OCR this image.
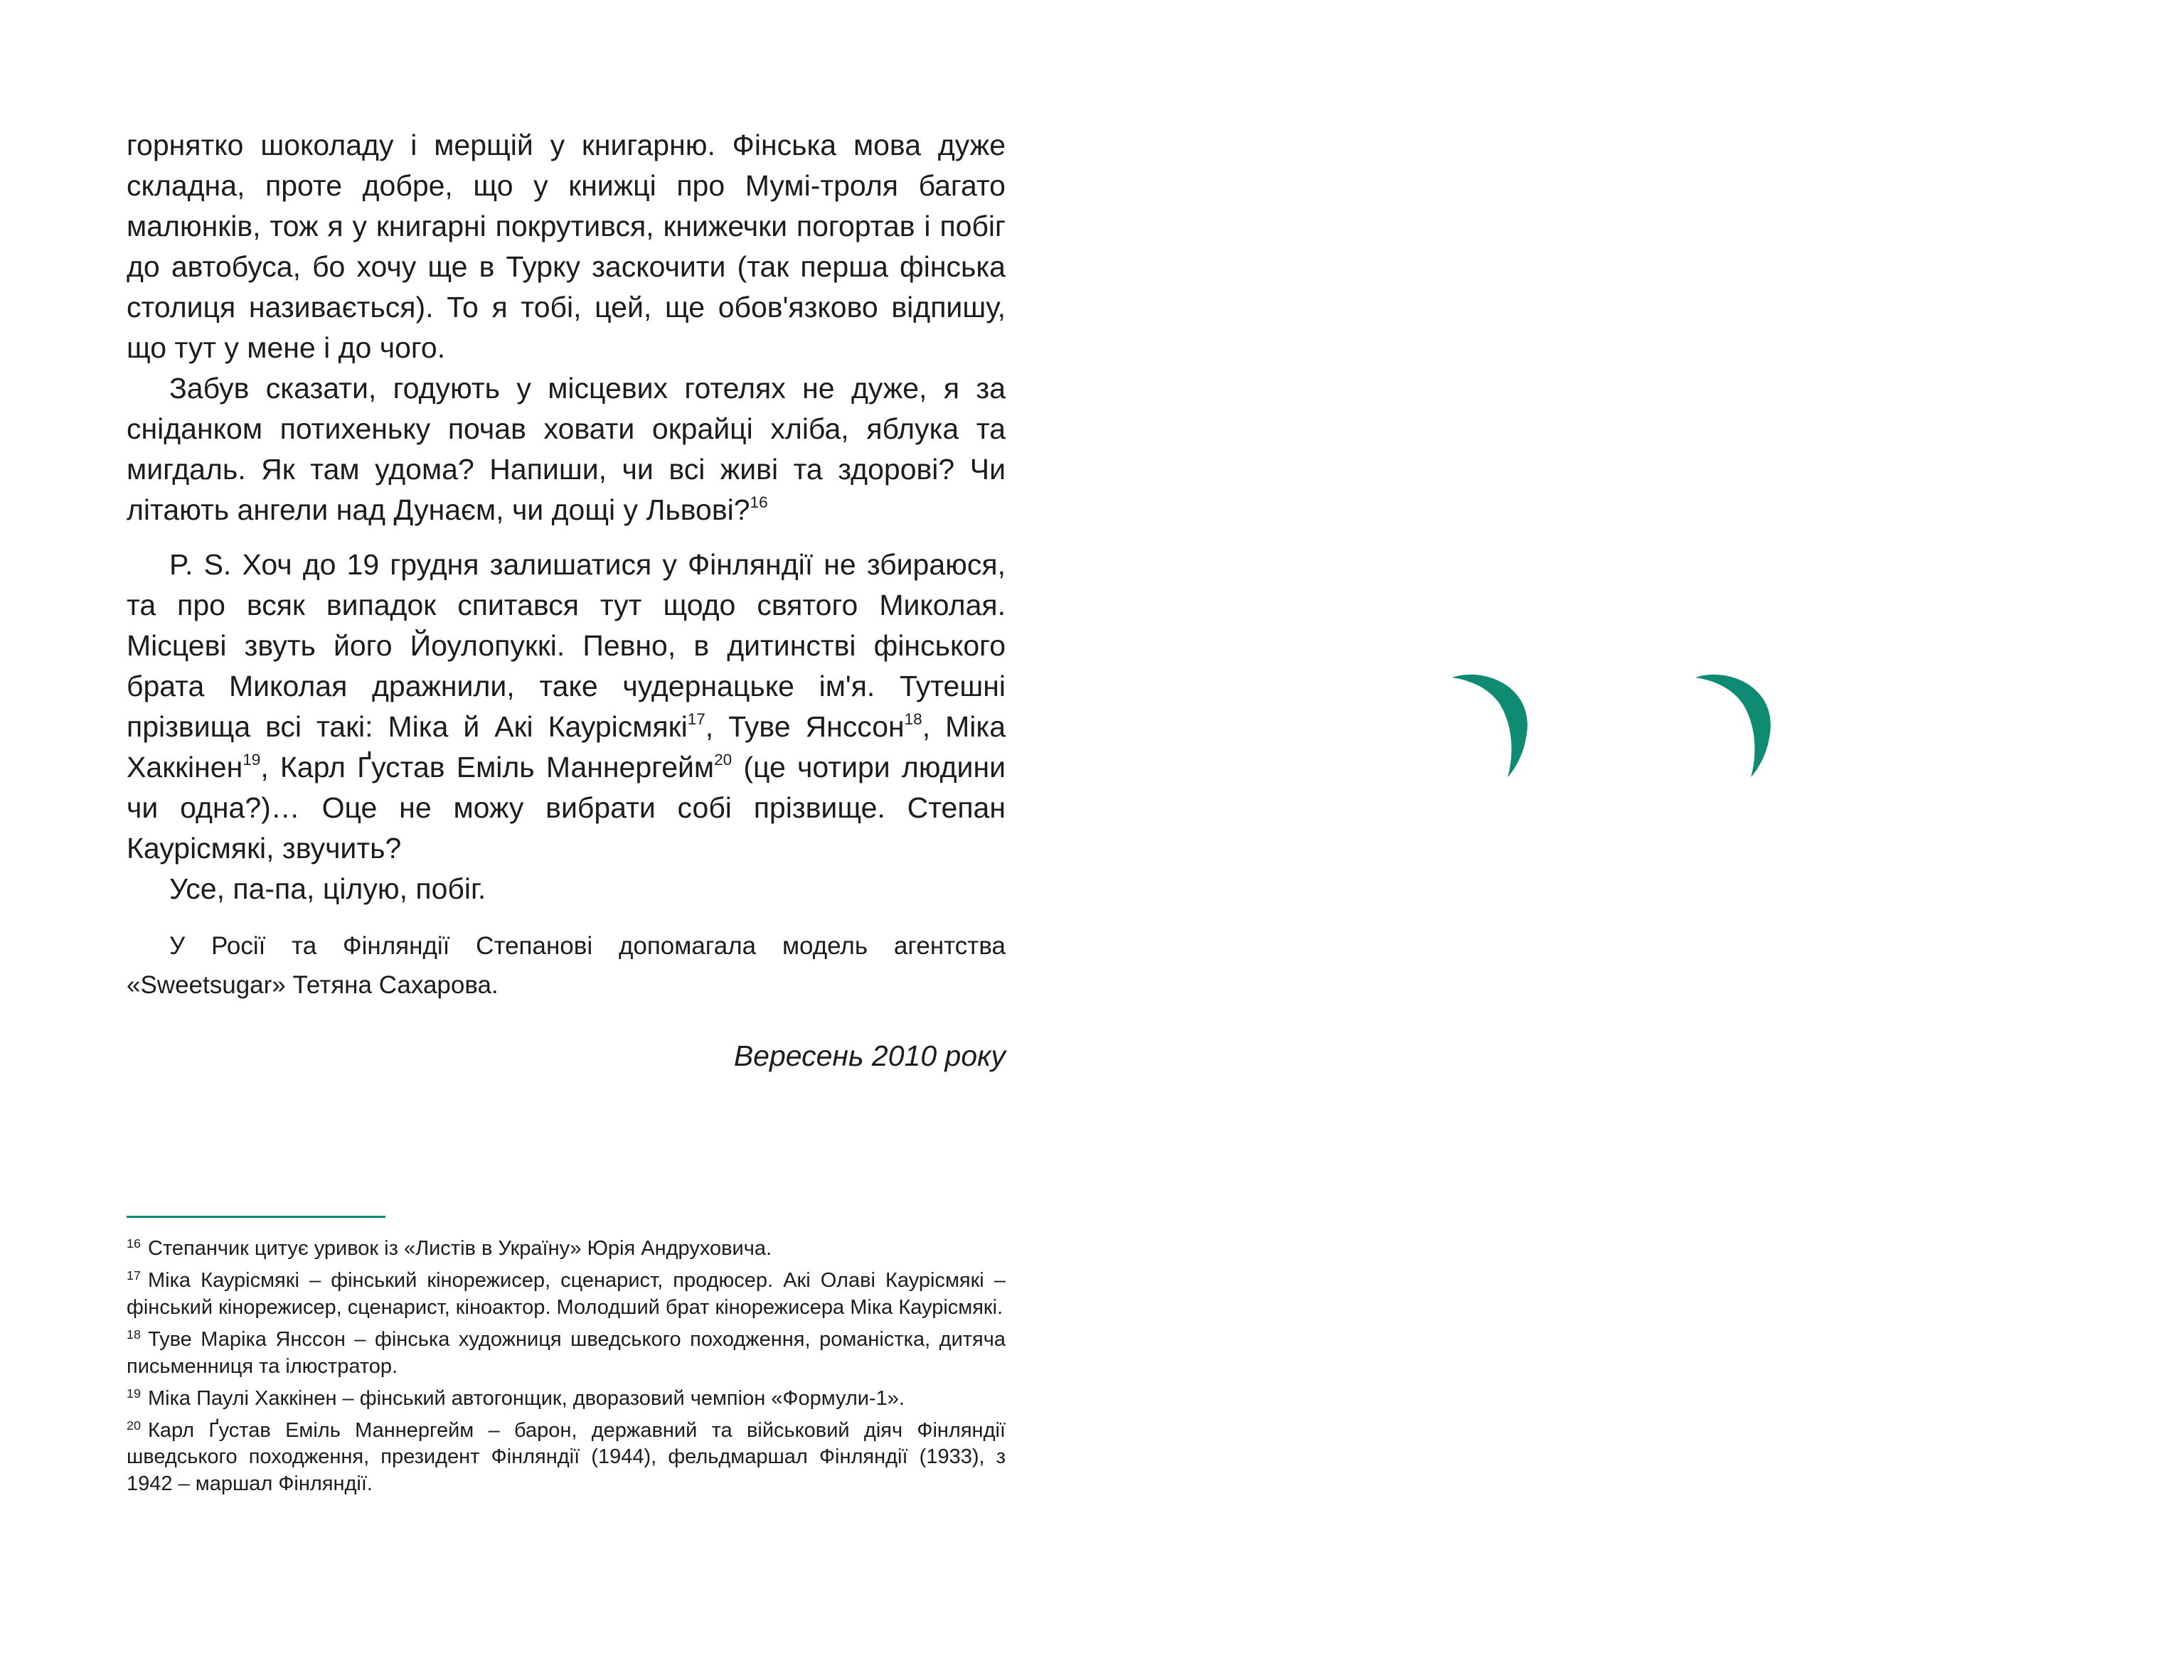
горнятко шоколаду і мерщій у книгарню. Фінська мова дуже складна, проте добре, що у книжці про Мумі-троля багато малюнків, тож я у книгарні покрутився, книжечки погортав і побіг до автобуса, бо хочу ще в Турку заскочити (так перша фінська столиця називається). То я тобі, цей, ще обов'язково відпишу, що тут у мене і до чого.

Забув сказати, годують у місцевих готелях не дуже, я за сніданком потихеньку почав ховати окрайці хліба, яблука та мигдаль. Як там удома? Напиши, чи всі живі та здорові? Чи літають ангели над Дунаєм, чи дощі у Львові?$^{16}$

P. S. Хоч до 19 грудня залишатися у Фінляндії не збираюся, та про всяк випадок спитався тут щодо святого Миколая. Місцеві звуть його Йоулопуккі. Певно, в дитинстві фінського брата Миколая дражнили, таке чудернацьке ім'я. Тутешні прізвища всі такі: Міка й Акі Каурісмякі$^{17}$, Туве Янссон$^{18}$, Міка Хаккінен$^{19}$, Карл Ґустав Еміль Маннергейм$^{20}$ (це чотири людини чи одна?)… Оце не можу вибрати собі прізвище. Степан Каурісмякі, звучить?

Усе, па-па, цілую, побіг.

У Росії та Фінляндії Степанові допомагала модель агентства «Sweetsugar» Тетяна Сахарова.

Вересень 2010 року

$^{16}$ Степанчик цитує уривок із «Листів в Україну» Юрія Андруховича.

$^{17}$ Міка Каурісмякі – фінський кінорежисер, сценарист, продюсер. Акі Олаві Каурісмякі – фінський кінорежисер, сценарист, кіноактор. Молодший брат кінорежисера Міка Каурісмякі.

$^{18}$ Туве Маріка Янссон – фінська художниця шведського походження, романістка, дитяча письменниця та ілюстратор.

$^{19}$ Міка Паулі Хаккінен – фінський автогонщик, дворазовий чемпіон «Формули-1».

$^{20}$ Карл Ґустав Еміль Маннергейм – барон, державний та військовий діяч Фінляндії шведського походження, президент Фінляндії (1944), фельдмаршал Фінляндії (1933), з 1942 – маршал Фінляндії.
